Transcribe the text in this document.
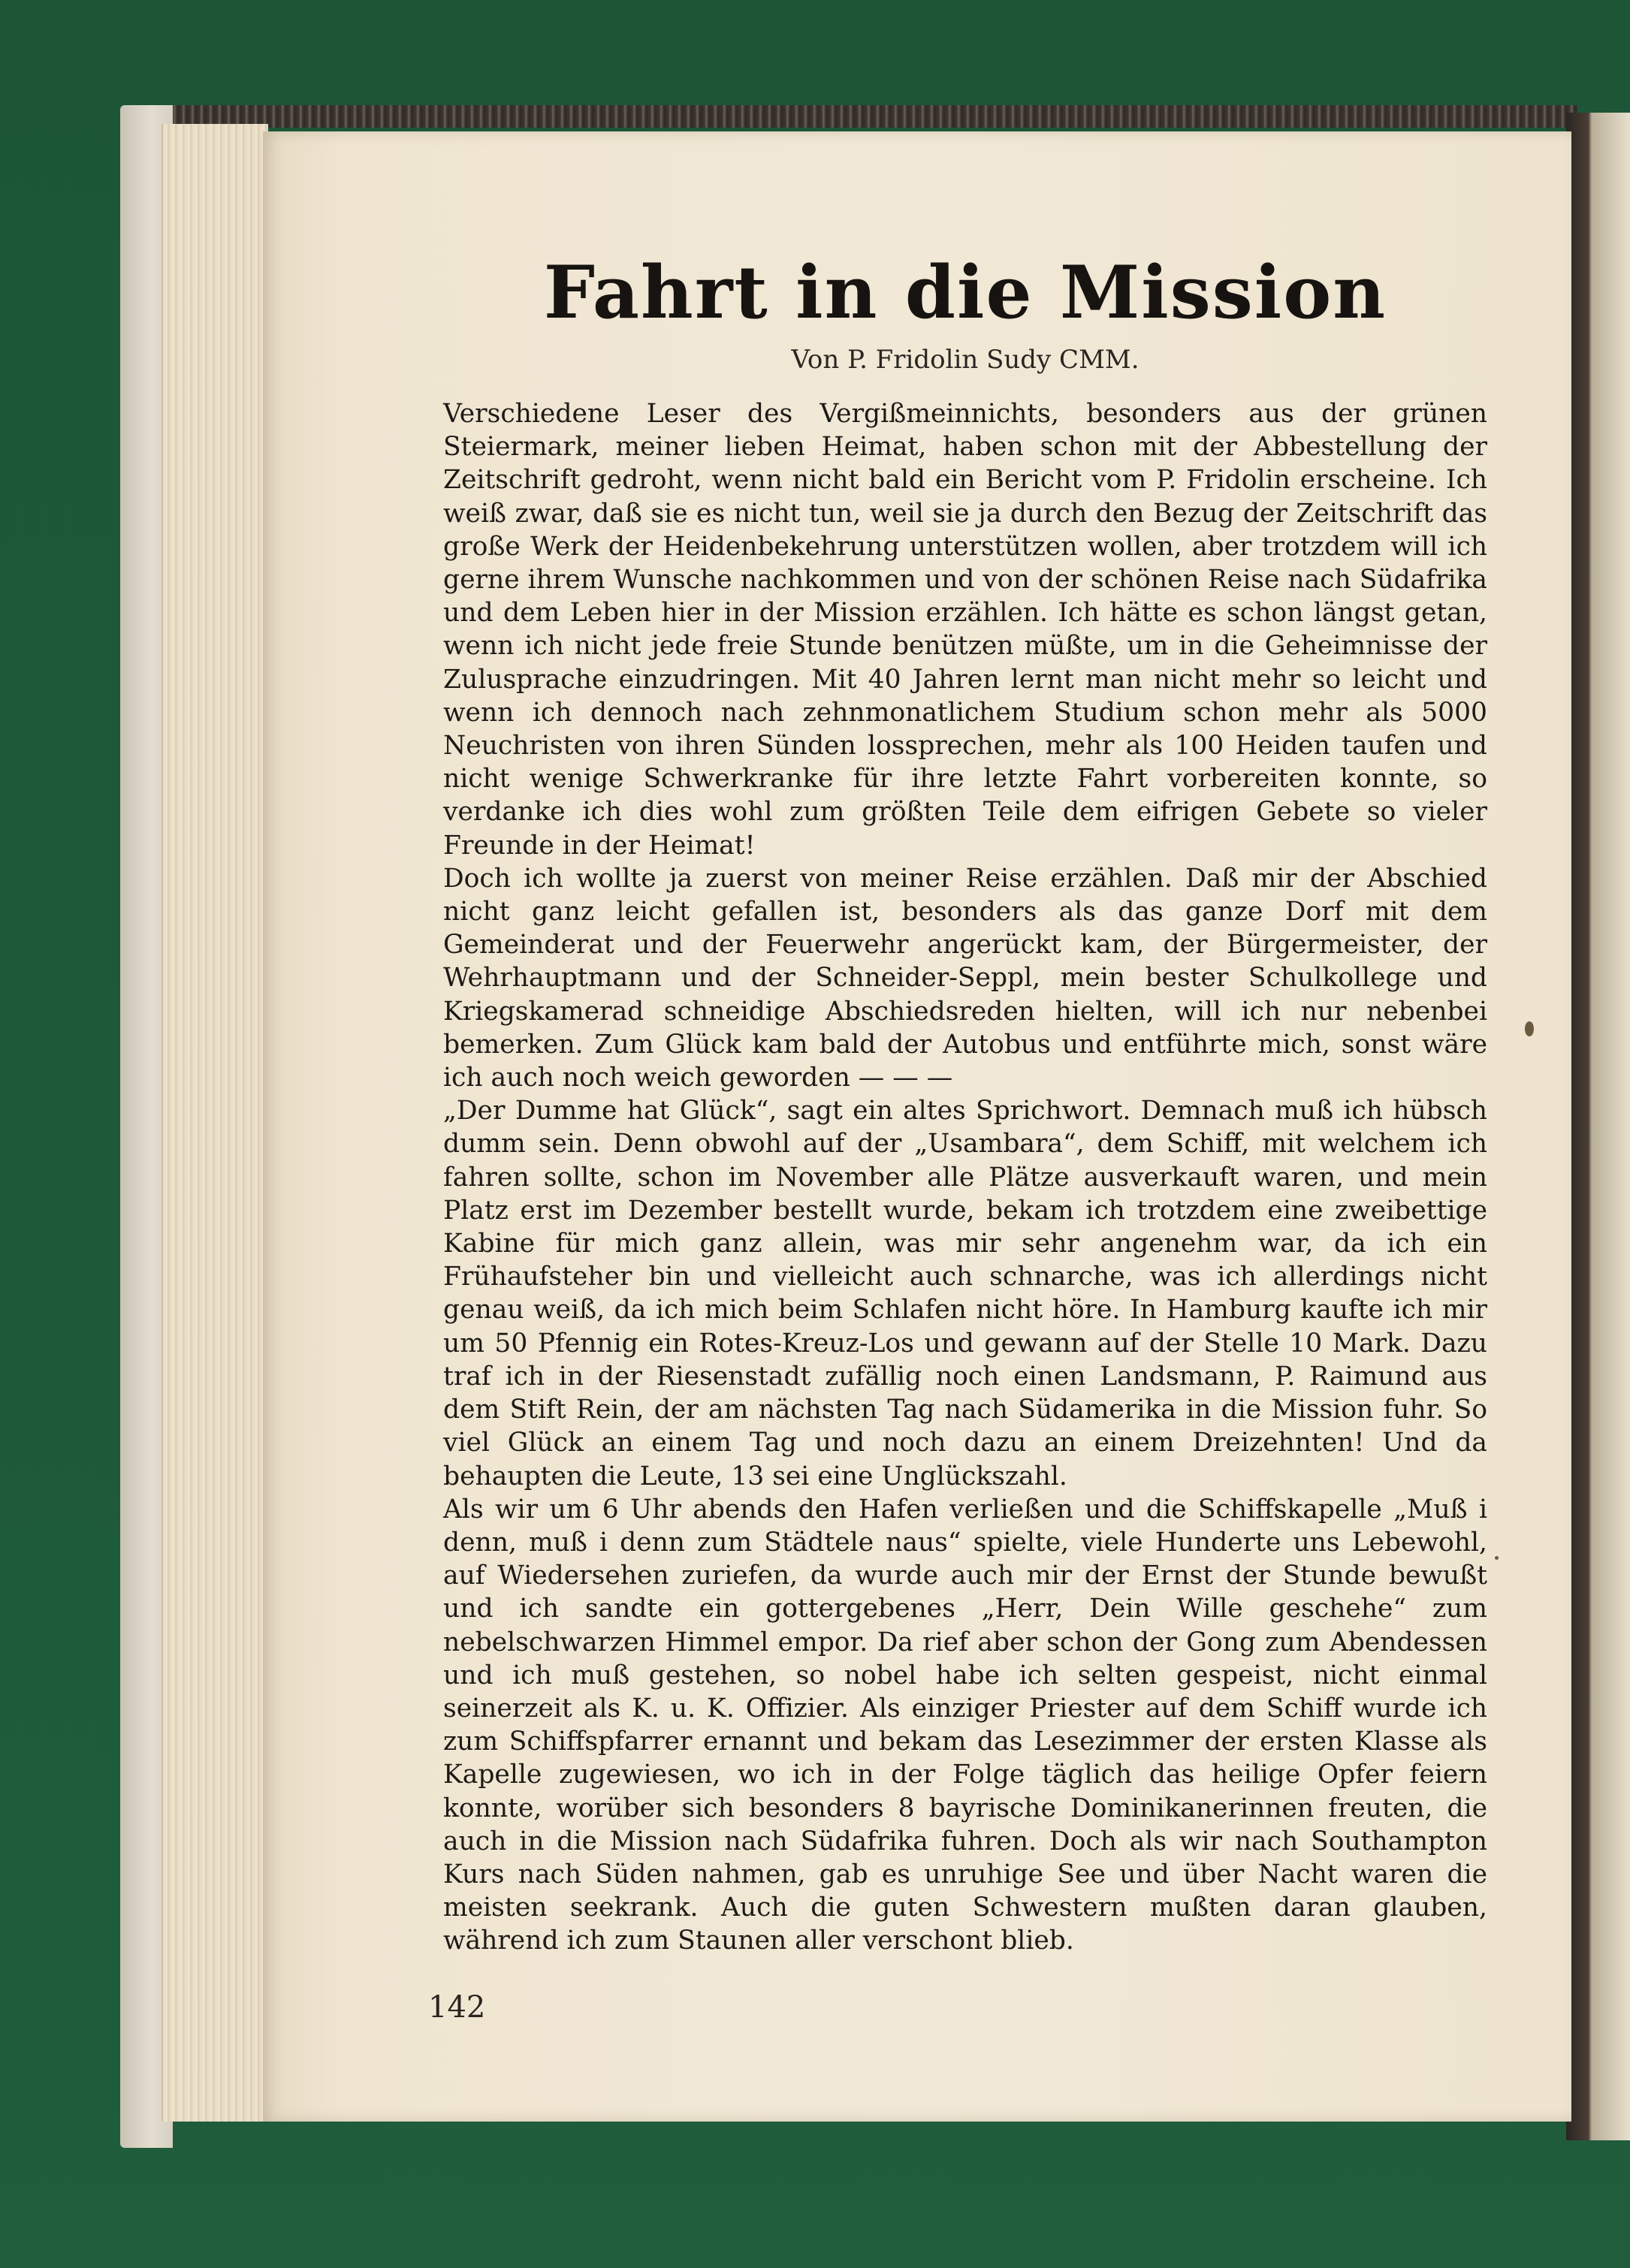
Fahrt in die Mission
Von P. Fridolin Sudy CMM.

Verschiedene Leser des Vergißmeinnichts, besonders aus der grünen Steiermark, meiner lieben Heimat, haben schon mit der Abbestellung der Zeitschrift gedroht, wenn nicht bald ein Bericht vom P. Fridolin erscheine. Ich weiß zwar, daß sie es nicht tun, weil sie ja durch den Bezug der Zeitschrift das große Werk der Heidenbekehrung unterstützen wollen, aber trotzdem will ich gerne ihrem Wunsche nachkommen und von der schönen Reise nach Südafrika und dem Leben hier in der Mission erzählen. Ich hätte es schon längst getan, wenn ich nicht jede freie Stunde benützen müßte, um in die Geheimnisse der Zulusprache einzudringen. Mit 40 Jahren lernt man nicht mehr so leicht und wenn ich dennoch nach zehnmonatlichem Studium schon mehr als 5000 Neuchristen von ihren Sünden lossprechen, mehr als 100 Heiden taufen und nicht wenige Schwerkranke für ihre letzte Fahrt vorbereiten konnte, so verdanke ich dies wohl zum größten Teile dem eifrigen Gebete so vieler Freunde in der Heimat!

Doch ich wollte ja zuerst von meiner Reise erzählen. Daß mir der Abschied nicht ganz leicht gefallen ist, besonders als das ganze Dorf mit dem Gemeinderat und der Feuerwehr angerückt kam, der Bürgermeister, der Wehrhauptmann und der Schneider-Seppl, mein bester Schulkollege und Kriegskamerad schneidige Abschiedsreden hielten, will ich nur nebenbei bemerken. Zum Glück kam bald der Autobus und entführte mich, sonst wäre ich auch noch weich geworden — — —

„Der Dumme hat Glück“, sagt ein altes Sprichwort. Demnach muß ich hübsch dumm sein. Denn obwohl auf der „Usambara“, dem Schiff, mit welchem ich fahren sollte, schon im November alle Plätze ausverkauft waren, und mein Platz erst im Dezember bestellt wurde, bekam ich trotzdem eine zweibettige Kabine für mich ganz allein, was mir sehr angenehm war, da ich ein Frühaufsteher bin und vielleicht auch schnarche, was ich allerdings nicht genau weiß, da ich mich beim Schlafen nicht höre. In Hamburg kaufte ich mir um 50 Pfennig ein Rotes-Kreuz-Los und gewann auf der Stelle 10 Mark. Dazu traf ich in der Riesenstadt zufällig noch einen Landsmann, P. Raimund aus dem Stift Rein, der am nächsten Tag nach Südamerika in die Mission fuhr. So viel Glück an einem Tag und noch dazu an einem Dreizehnten! Und da behaupten die Leute, 13 sei eine Unglückszahl.

Als wir um 6 Uhr abends den Hafen verließen und die Schiffskapelle „Muß i denn, muß i denn zum Städtele naus“ spielte, viele Hunderte uns Lebewohl, auf Wiedersehen zuriefen, da wurde auch mir der Ernst der Stunde bewußt und ich sandte ein gottergebenes „Herr, Dein Wille geschehe“ zum nebelschwarzen Himmel empor. Da rief aber schon der Gong zum Abendessen und ich muß gestehen, so nobel habe ich selten gespeist, nicht einmal seinerzeit als K. u. K. Offizier. Als einziger Priester auf dem Schiff wurde ich zum Schiffspfarrer ernannt und bekam das Lesezimmer der ersten Klasse als Kapelle zugewiesen, wo ich in der Folge täglich das heilige Opfer feiern konnte, worüber sich besonders 8 bayrische Dominikanerinnen freuten, die auch in die Mission nach Südafrika fuhren. Doch als wir nach Southampton Kurs nach Süden nahmen, gab es unruhige See und über Nacht waren die meisten seekrank. Auch die guten Schwestern mußten daran glauben, während ich zum Staunen aller verschont blieb.

142
